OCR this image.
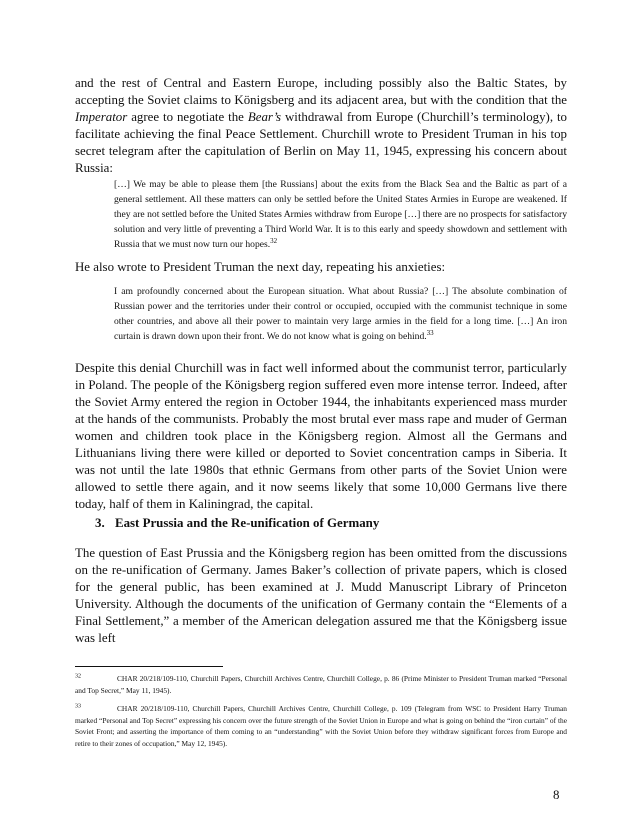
and the rest of Central and Eastern Europe, including possibly also the Baltic States, by accepting the Soviet claims to Königsberg and its adjacent area, but with the condition that the Imperator agree to negotiate the Bear’s withdrawal from Europe (Churchill’s terminology), to facilitate achieving the final Peace Settlement. Churchill wrote to President Truman in his top secret telegram after the capitulation of Berlin on May 11, 1945, expressing his concern about Russia:

[…] We may be able to please them [the Russians] about the exits from the Black Sea and the Baltic as part of a general settlement. All these matters can only be settled before the United States Armies in Europe are weakened. If they are not settled before the United States Armies withdraw from Europe […] there are no prospects for satisfactory solution and very little of preventing a Third World War. It is to this early and speedy showdown and settlement with Russia that we must now turn our hopes.$^{32}$

He also wrote to President Truman the next day, repeating his anxieties:

I am profoundly concerned about the European situation. What about Russia? […] The absolute combination of Russian power and the territories under their control or occupied, occupied with the communist technique in some other countries, and above all their power to maintain very large armies in the field for a long time. […] An iron curtain is drawn down upon their front. We do not know what is going on behind.$^{33}$

Despite this denial Churchill was in fact well informed about the communist terror, particularly in Poland. The people of the Königsberg region suffered even more intense terror. Indeed, after the Soviet Army entered the region in October 1944, the inhabitants experienced mass murder at the hands of the communists. Probably the most brutal ever mass rape and muder of German women and children took place in the Königsberg region. Almost all the Germans and Lithuanians living there were killed or deported to Soviet concentration camps in Siberia. It was not until the late 1980s that ethnic Germans from other parts of the Soviet Union were allowed to settle there again, and it now seems likely that some 10,000 Germans live there today, half of them in Kaliningrad, the capital.

3. East Prussia and the Re-unification of Germany

The question of East Prussia and the Königsberg region has been omitted from the discussions on the re-unification of Germany. James Baker’s collection of private papers, which is closed for the general public, has been examined at J. Mudd Manuscript Library of Princeton University. Although the documents of the unification of Germany contain the “Elements of a Final Settlement,” a member of the American delegation assured me that the Königsberg issue was left

$^{32}$	CHAR 20/218/109-110, Churchill Papers, Churchill Archives Centre, Churchill College, p. 86 (Prime Minister to President Truman marked “Personal and Top Secret,” May 11, 1945).

$^{33}$	CHAR 20/218/109-110, Churchill Papers, Churchill Archives Centre, Churchill College, p. 109 (Telegram from WSC to President Harry Truman marked “Personal and Top Secret” expressing his concern over the future strength of the Soviet Union in Europe and what is going on behind the “iron curtain” of the Soviet Front; and asserting the importance of them coming to an “understanding” with the Soviet Union before they withdraw significant forces from Europe and retire to their zones of occupation,” May 12, 1945).

8
